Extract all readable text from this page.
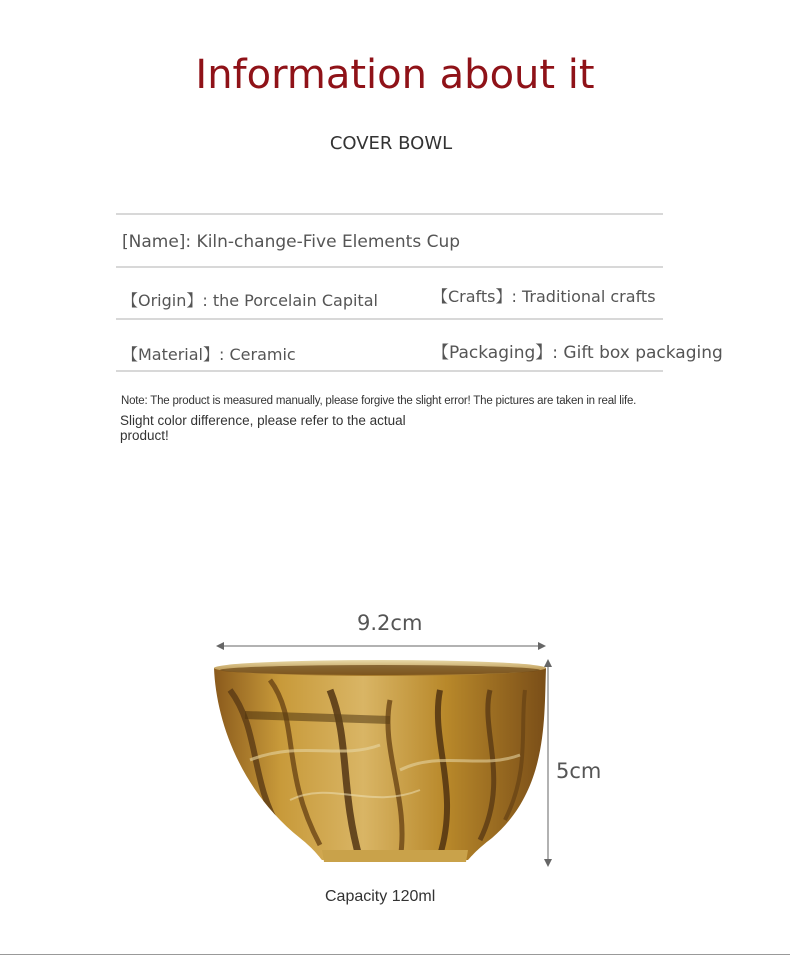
Information about it
COVER BOWL
[Name]: Kiln-change-Five Elements Cup
【Origin】: the Porcelain Capital	【Crafts】: Traditional crafts
【Material】: Ceramic	【Packaging】: Gift box packaging
Note: The product is measured manually, please forgive the slight error! The pictures are taken in real life.
Slight color difference, please refer to the actual product!
9.2cm
5cm
Capacity 120ml
